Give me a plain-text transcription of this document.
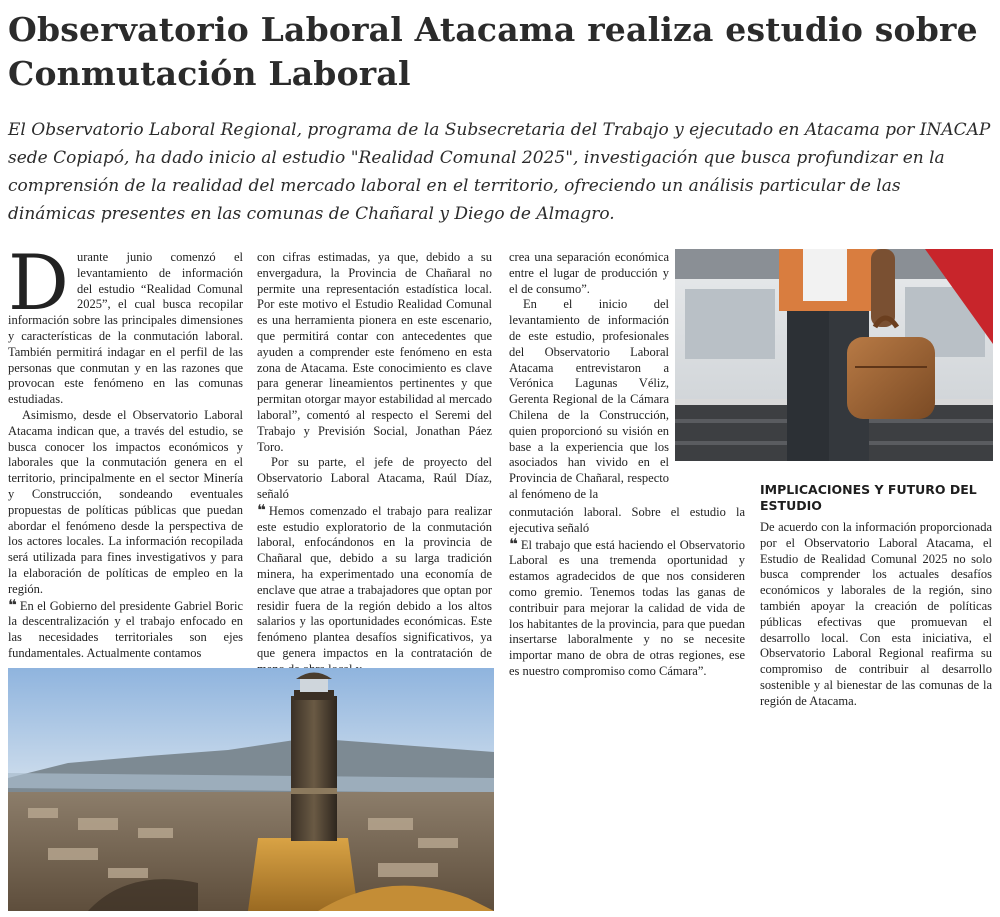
Observatorio Laboral Atacama realiza estudio sobre Conmutación Laboral

El Observatorio Laboral Regional, programa de la Subsecretaria del Trabajo y ejecutado en Atacama por INACAP sede Copiapó, ha dado inicio al estudio "Realidad Comunal 2025", investigación que busca profundizar en la comprensión de la realidad del mercado laboral en el territorio, ofreciendo un análisis particular de las dinámicas presentes en las comunas de Chañaral y Diego de Almagro.

Durante junio comenzó el levantamiento de información del estudio “Realidad Comunal 2025”, el cual busca recopilar información sobre las principales dimensiones y características de la conmutación laboral. También permitirá indagar en el perfil de las personas que conmutan y en las razones que provocan este fenómeno en las comunas estudiadas.

Asimismo, desde el Observatorio Laboral Atacama indican que, a través del estudio, se busca conocer los impactos económicos y laborales que la conmutación genera en el territorio, principalmente en el sector Minería y Construcción, sondeando eventuales propuestas de políticas públicas que puedan abordar el fenómeno desde la perspectiva de los actores locales. La información recopilada será utilizada para fines investigativos y para la elaboración de políticas de empleo en la región.

❝ En el Gobierno del presidente Gabriel Boric la descentralización y el trabajo enfocado en las necesidades territoriales son ejes fundamentales. Actualmente contamos

con cifras estimadas, ya que, debido a su envergadura, la Provincia de Chañaral no permite una representación estadística local. Por este motivo el Estudio Realidad Comunal es una herramienta pionera en este escenario, que permitirá contar con antecedentes que ayuden a comprender este fenómeno en esta zona de Atacama. Este conocimiento es clave para generar lineamientos pertinentes y que permitan otorgar mayor estabilidad al mercado laboral”, comentó al respecto el Seremi del Trabajo y Previsión Social, Jonathan Páez Toro.

Por su parte, el jefe de proyecto del Observatorio Laboral Atacama, Raúl Díaz, señaló

❝ Hemos comenzado el trabajo para realizar este estudio exploratorio de la conmutación laboral, enfocándonos en la provincia de Chañaral que, debido a su larga tradición minera, ha experimentado una economía de enclave que atrae a trabajadores que optan por residir fuera de la región debido a los altos salarios y las oportunidades económicas. Este fenómeno plantea desafíos significativos, ya que genera impactos en la contratación de

crea una separación económica entre el lugar de producción y el de consumo”.

En el inicio del levantamiento de información de este estudio, profesionales del Observatorio Laboral Atacama entrevistaron a Verónica Lagunas Véliz, Gerenta Regional de la Cámara Chilena de la Construcción, quien proporcionó su visión en base a la experiencia que los asociados han vivido en el Provincia de Chañaral, respecto al fenómeno de la

conmutación laboral. Sobre el estudio la ejecutiva señaló

❝ El trabajo que está haciendo el Observatorio Laboral es una tremenda oportunidad y estamos agradecidos de que nos consideren como gremio. Tenemos todas las ganas de contribuir para mejorar la calidad de vida de los habitantes de la provincia, para que puedan insertarse laboralmente y no se necesite importar mano de obra de otras regiones, ese es nuestro compromiso como Cámara”.

IMPLICACIONES Y FUTURO DEL ESTUDIO

De acuerdo con la información proporcionada por el Observatorio Laboral Atacama, el Estudio de Realidad Comunal 2025 no solo busca comprender los actuales desafíos económicos y laborales de la región, sino también apoyar la creación de políticas públicas efectivas que promuevan el desarrollo local. Con esta iniciativa, el Observatorio Laboral Regional reafirma su compromiso de contribuir al desarrollo sostenible y al bienestar de las comunas de la región de Atacama.
